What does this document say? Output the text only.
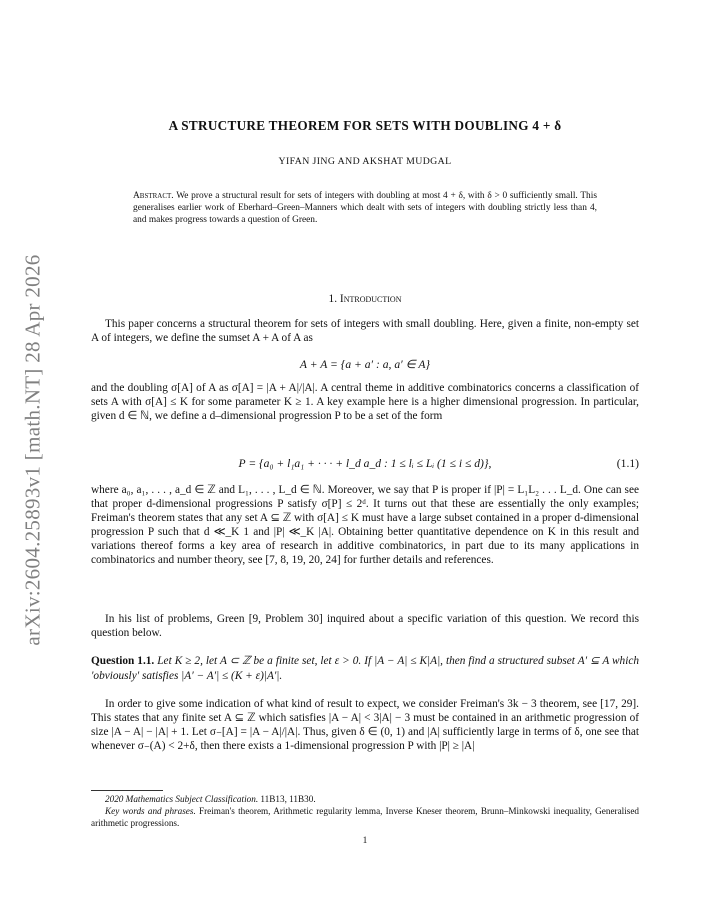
arXiv:2604.25893v1 [math.NT] 28 Apr 2026
A STRUCTURE THEOREM FOR SETS WITH DOUBLING 4 + δ
YIFAN JING AND AKSHAT MUDGAL
Abstract. We prove a structural result for sets of integers with doubling at most 4 + δ, with δ > 0 sufficiently small. This generalises earlier work of Eberhard–Green–Manners which dealt with sets of integers with doubling strictly less than 4, and makes progress towards a question of Green.
1. Introduction

This paper concerns a structural theorem for sets of integers with small doubling. Here, given a finite, non-empty set A of integers, we define the sumset A + A of A as

A + A = {a + a′ : a, a′ ∈ A}

and the doubling σ[A] of A as σ[A] = |A + A|/|A|. A central theme in additive combinatorics concerns a classification of sets A with σ[A] ≤ K for some parameter K ≥ 1. A key example here is a higher dimensional progression. In particular, given d ∈ ℕ, we define a d–dimensional progression P to be a set of the form

P = {a₀ + l₁a₁ + · · · + l_d a_d : 1 ≤ lᵢ ≤ Lᵢ (1 ≤ i ≤ d)},	(1.1)

where a₀, a₁, . . . , a_d ∈ ℤ and L₁, . . . , L_d ∈ ℕ. Moreover, we say that P is proper if |P| = L₁L₂ . . . L_d. One can see that proper d-dimensional progressions P satisfy σ[P] ≤ 2ᵈ. It turns out that these are essentially the only examples; Freiman's theorem states that any set A ⊆ ℤ with σ[A] ≤ K must have a large subset contained in a proper d-dimensional progression P such that d ≪_K 1 and |P| ≪_K |A|. Obtaining better quantitative dependence on K in this result and variations thereof forms a key area of research in additive combinatorics, in part due to its many applications in combinatorics and number theory, see [7, 8, 19, 20, 24] for further details and references.

In his list of problems, Green [9, Problem 30] inquired about a specific variation of this question. We record this question below.

Question 1.1. Let K ≥ 2, let A ⊂ ℤ be a finite set, let ε > 0. If |A − A| ≤ K|A|, then find a structured subset A′ ⊆ A which 'obviously' satisfies |A′ − A′| ≤ (K + ε)|A′|.

In order to give some indication of what kind of result to expect, we consider Freiman's 3k − 3 theorem, see [17, 29]. This states that any finite set A ⊆ ℤ which satisfies |A − A| < 3|A| − 3 must be contained in an arithmetic progression of size |A − A| − |A| + 1. Let σ₋[A] = |A − A|/|A|. Thus, given δ ∈ (0, 1) and |A| sufficiently large in terms of δ, one see that whenever σ₋(A) < 2+δ, then there exists a 1-dimensional progression P with |P| ≥ |A|

2020 Mathematics Subject Classification. 11B13, 11B30.

Key words and phrases. Freiman's theorem, Arithmetic regularity lemma, Inverse Kneser theorem, Brunn–Minkowski inequality, Generalised arithmetic progressions.

1
